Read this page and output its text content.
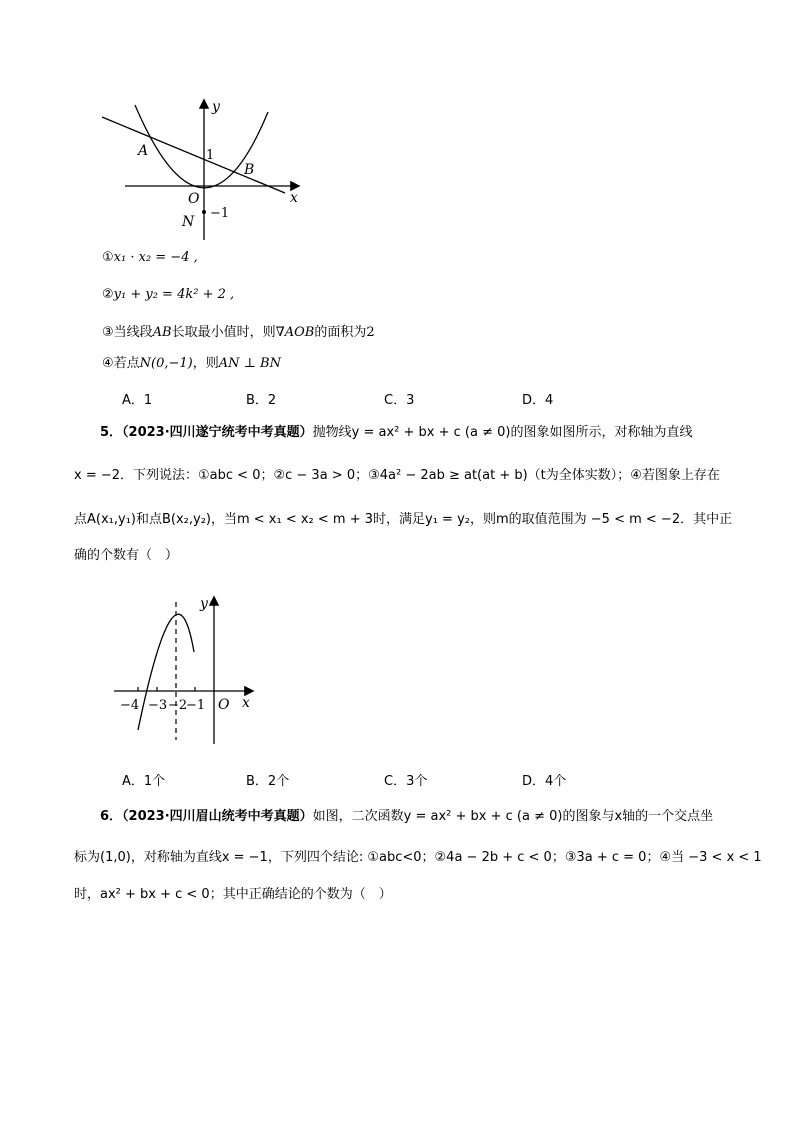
y
x
O
A
B
N
1
−1
①x₁ · x₂ = −4 ,
②y₁ + y₂ = 4k² + 2 ,
③当线段AB长取最小值时，则∇AOB的面积为2
④若点N(0,−1)，则AN ⊥ BN
A．1	B．2	C．3	D．4
5．（2023·四川遂宁统考中考真题）抛物线y = ax² + bx + c (a ≠ 0)的图象如图所示，对称轴为直线
x = −2．下列说法：①abc < 0；②c − 3a > 0；③4a² − 2ab ≥ at(at + b)（t为全体实数）；④若图象上存在
点A(x₁,y₁)和点B(x₂,y₂)，当m < x₁ < x₂ < m + 3时，满足y₁ = y₂，则m的取值范围为 −5 < m < −2．其中正
确的个数有（　）
y
x
O
−4 −3 −2
−1
A．1个	B．2个	C．3个	D．4个
6．（2023·四川眉山统考中考真题）如图，二次函数y = ax² + bx + c (a ≠ 0)的图象与x轴的一个交点坐
标为(1,0)，对称轴为直线x = −1，下列四个结论: ①abc<0；②4a − 2b + c < 0；③3a + c = 0；④当 −3 < x < 1
时，ax² + bx + c < 0；其中正确结论的个数为（　）
